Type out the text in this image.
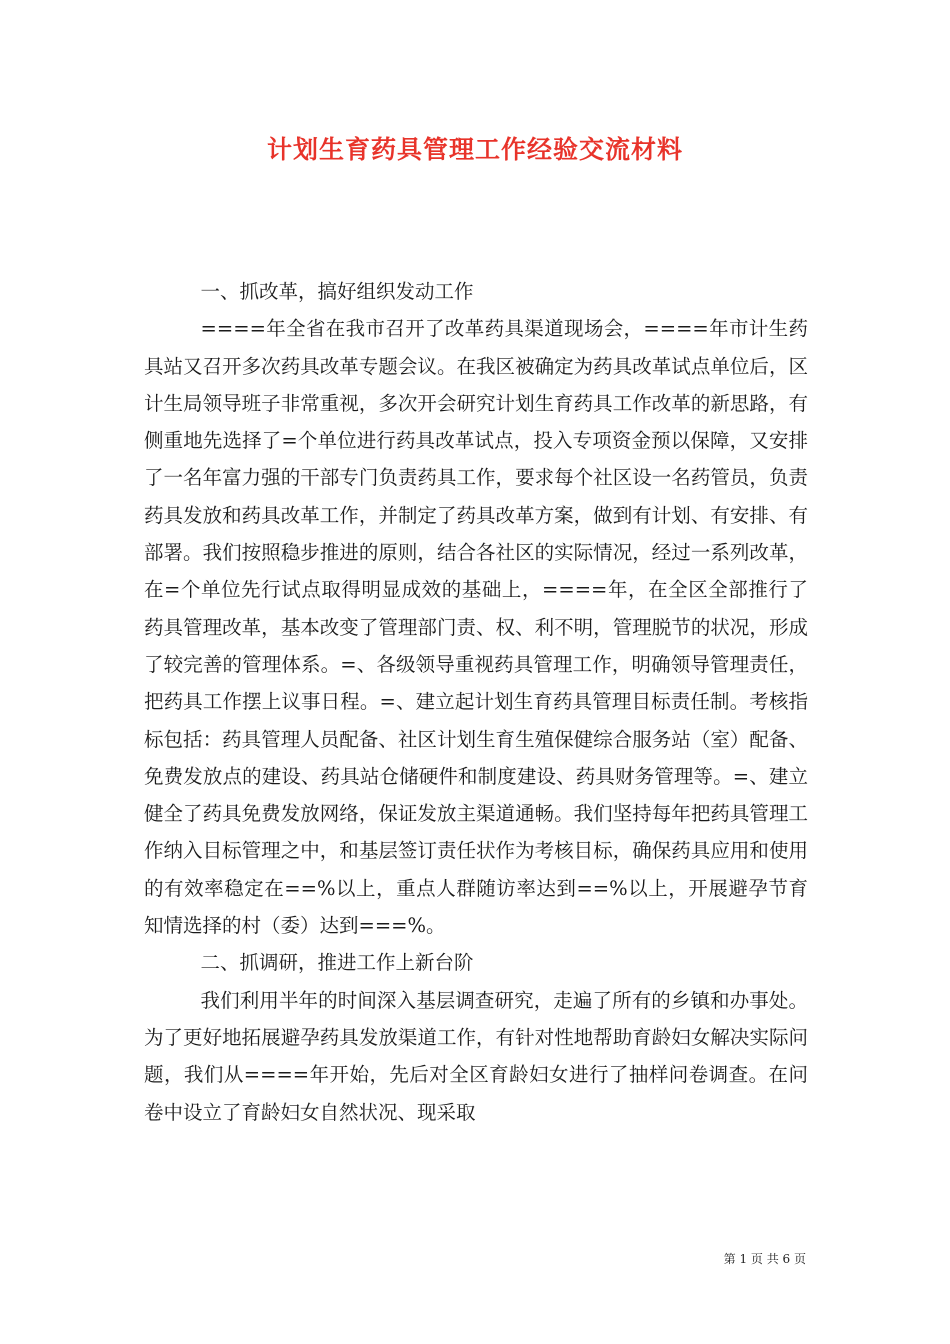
计划生育药具管理工作经验交流材料

一、抓改革，搞好组织发动工作

====年全省在我市召开了改革药具渠道现场会，====年市计生药具站又召开多次药具改革专题会议。在我区被确定为药具改革试点单位后，区计生局领导班子非常重视，多次开会研究计划生育药具工作改革的新思路，有侧重地先选择了=个单位进行药具改革试点，投入专项资金预以保障，又安排了一名年富力强的干部专门负责药具工作，要求每个社区设一名药管员，负责药具发放和药具改革工作，并制定了药具改革方案，做到有计划、有安排、有部署。我们按照稳步推进的原则，结合各社区的实际情况，经过一系列改革，在=个单位先行试点取得明显成效的基础上，====年，在全区全部推行了药具管理改革，基本改变了管理部门责、权、利不明，管理脱节的状况，形成了较完善的管理体系。=、各级领导重视药具管理工作，明确领导管理责任，把药具工作摆上议事日程。=、建立起计划生育药具管理目标责任制。考核指标包括：药具管理人员配备、社区计划生育生殖保健综合服务站（室）配备、免费发放点的建设、药具站仓储硬件和制度建设、药具财务管理等。=、建立健全了药具免费发放网络，保证发放主渠道通畅。我们坚持每年把药具管理工作纳入目标管理之中，和基层签订责任状作为考核目标，确保药具应用和使用的有效率稳定在==%以上，重点人群随访率达到==%以上，开展避孕节育知情选择的村（委）达到===%。

二、抓调研，推进工作上新台阶

我们利用半年的时间深入基层调查研究，走遍了所有的乡镇和办事处。为了更好地拓展避孕药具发放渠道工作，有针对性地帮助育龄妇女解决实际问题，我们从====年开始，先后对全区育龄妇女进行了抽样问卷调查。在问卷中设立了育龄妇女自然状况、现采取

第 1 页 共 6 页
